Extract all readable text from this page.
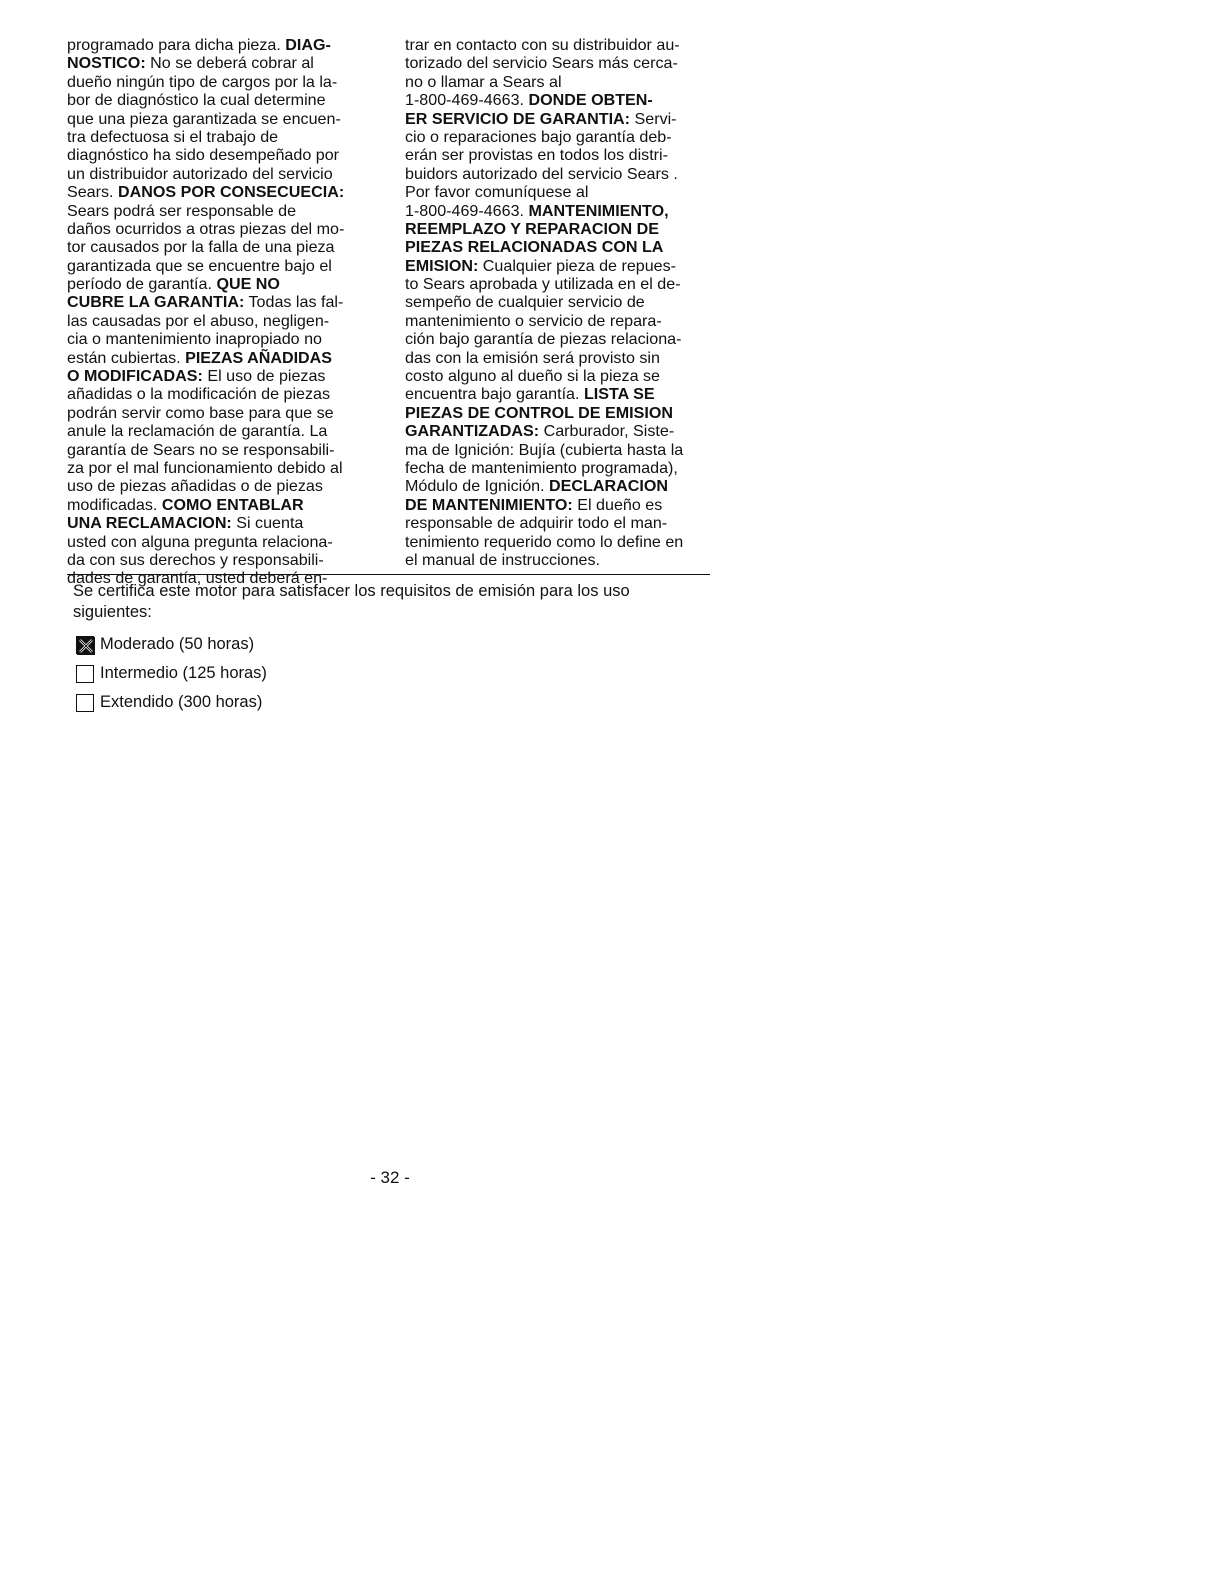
programado para dicha pieza. DIAG-
NOSTICO: No se deberá cobrar al
dueño ningún tipo de cargos por la la-
bor de diagnóstico la cual determine
que una pieza garantizada se encuen-
tra defectuosa si el trabajo de
diagnóstico ha sido desempeñado por
un distribuidor autorizado del servicio
Sears. DANOS POR CONSECUECIA:
Sears podrá ser responsable de
daños ocurridos a otras piezas del mo-
tor causados por la falla de una pieza
garantizada que se encuentre bajo el
período de garantía. QUE NO
CUBRE LA GARANTIA: Todas las fal-
las causadas por el abuso, negligen-
cia o mantenimiento inapropiado no
están cubiertas. PIEZAS AÑADIDAS
O MODIFICADAS: El uso de piezas
añadidas o la modificación de piezas
podrán servir como base para que se
anule la reclamación de garantía. La
garantía de Sears no se responsabili-
za por el mal funcionamiento debido al
uso de piezas añadidas o de piezas
modificadas. COMO ENTABLAR
UNA RECLAMACION: Si cuenta
usted con alguna pregunta relaciona-
da con sus derechos y responsabili-
dades de garantía, usted deberá en-
trar en contacto con su distribuidor au-
torizado del servicio Sears más cerca-
no o llamar a Sears al
1-800-469-4663. DONDE OBTEN-
ER SERVICIO DE GARANTIA: Servi-
cio o reparaciones bajo garantía deb-
erán ser provistas en todos los distri-
buidors autorizado del servicio Sears .
Por favor comuníquese al
1-800-469-4663. MANTENIMIENTO,
REEMPLAZO Y REPARACION DE
PIEZAS RELACIONADAS CON LA
EMISION: Cualquier pieza de repues-
to Sears aprobada y utilizada en el de-
sempeño de cualquier servicio de
mantenimiento o servicio de repara-
ción bajo garantía de piezas relaciona-
das con la emisión será provisto sin
costo alguno al dueño si la pieza se
encuentra bajo garantía. LISTA SE
PIEZAS DE CONTROL DE EMISION
GARANTIZADAS: Carburador, Siste-
ma de Ignición: Bujía (cubierta hasta la
fecha de mantenimiento programada),
Módulo de Ignición. DECLARACION
DE MANTENIMIENTO: El dueño es
responsable de adquirir todo el man-
tenimiento requerido como lo define en
el manual de instrucciones.
Se certifica este motor para satisfacer los requisitos de emisión para los uso siguientes:
Moderado (50 horas)
Intermedio (125 horas)
Extendido (300 horas)
- 32 -
